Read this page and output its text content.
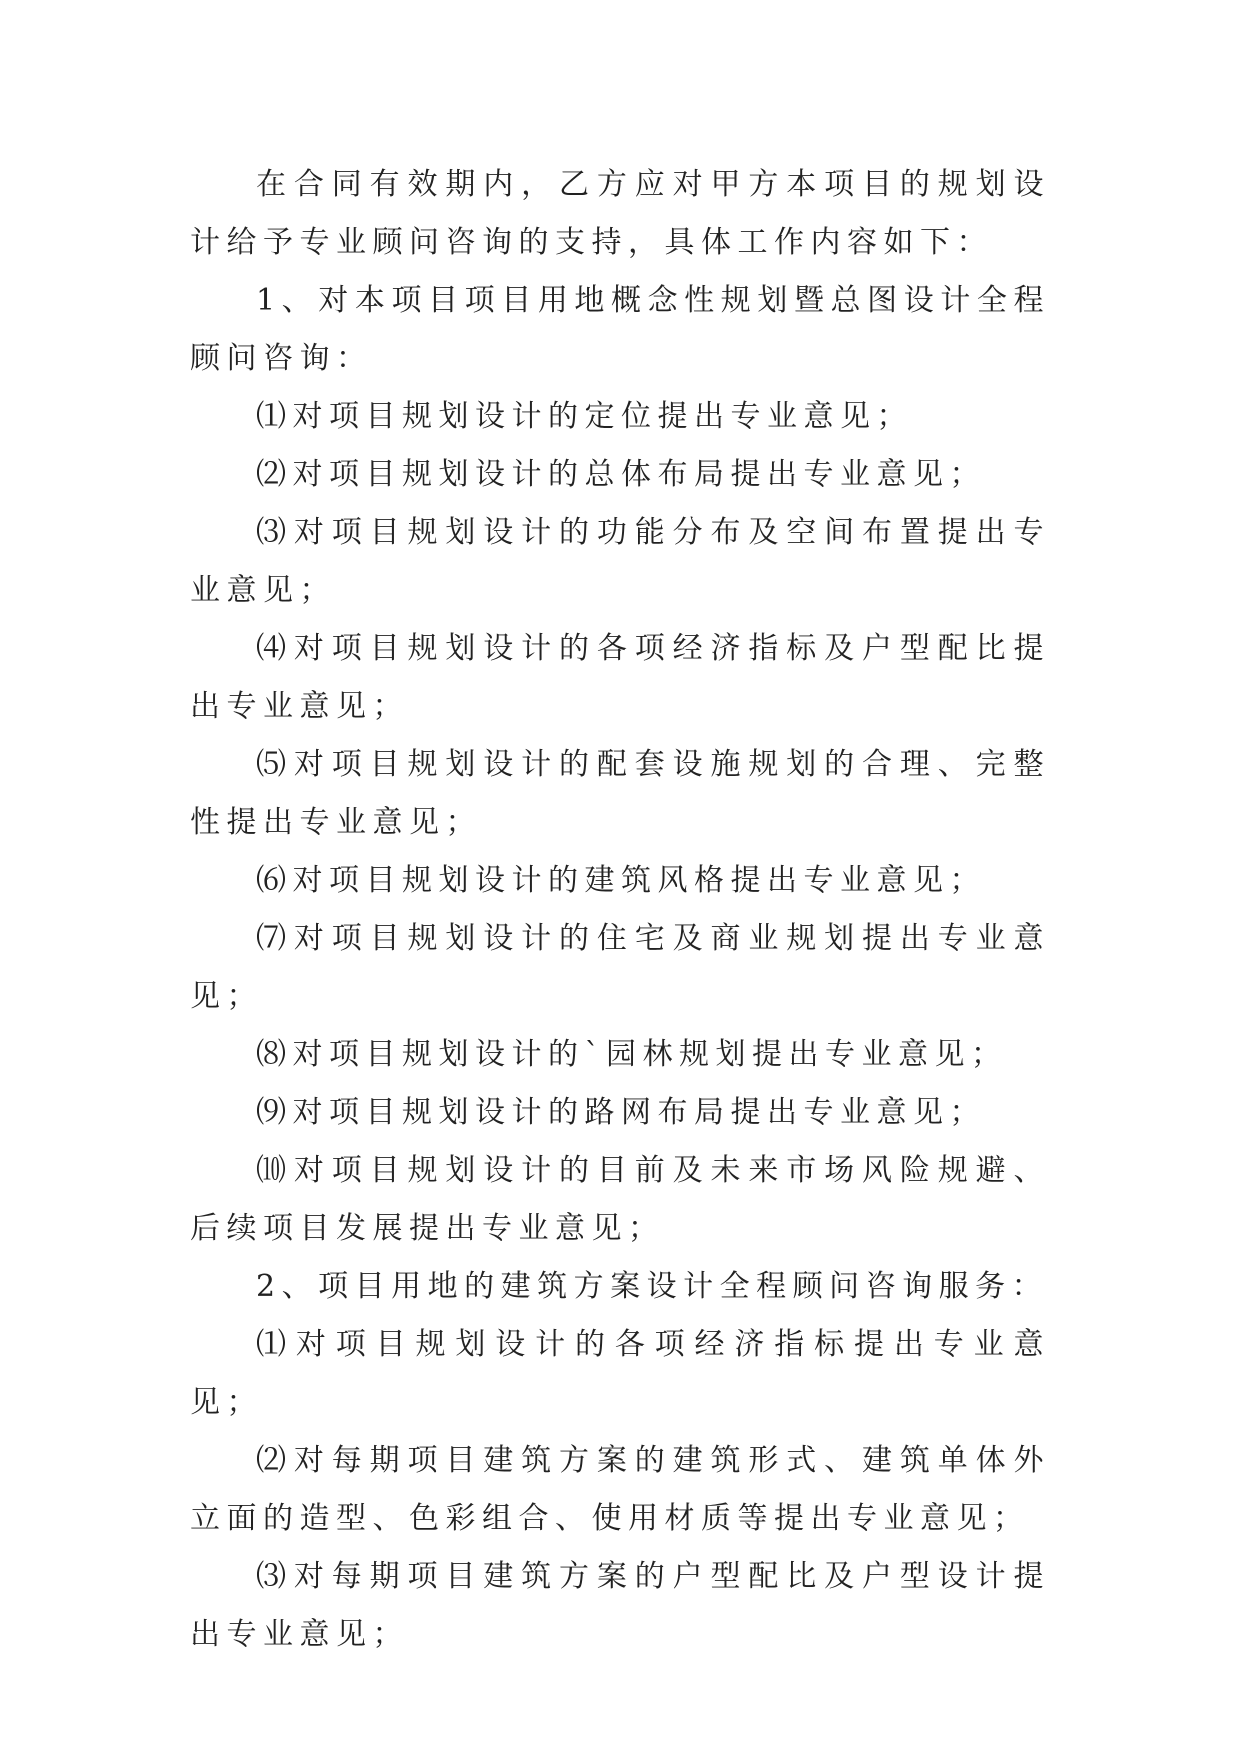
在合同有效期内，乙方应对甲方本项目的规划设计给予专业顾问咨询的支持，具体工作内容如下：

1、对本项目项目用地概念性规划暨总图设计全程顾问咨询：

⑴对项目规划设计的定位提出专业意见；

⑵对项目规划设计的总体布局提出专业意见；

⑶对项目规划设计的功能分布及空间布置提出专业意见；

⑷对项目规划设计的各项经济指标及户型配比提出专业意见；

⑸对项目规划设计的配套设施规划的合理、完整性提出专业意见；

⑹对项目规划设计的建筑风格提出专业意见；

⑺对项目规划设计的住宅及商业规划提出专业意见；

⑻对项目规划设计的`园林规划提出专业意见；

⑼对项目规划设计的路网布局提出专业意见；

⑽对项目规划设计的目前及未来市场风险规避、后续项目发展提出专业意见；

2、项目用地的建筑方案设计全程顾问咨询服务：

⑴对项目规划设计的各项经济指标提出专业意见；

⑵对每期项目建筑方案的建筑形式、建筑单体外立面的造型、色彩组合、使用材质等提出专业意见；

⑶对每期项目建筑方案的户型配比及户型设计提出专业意见；
